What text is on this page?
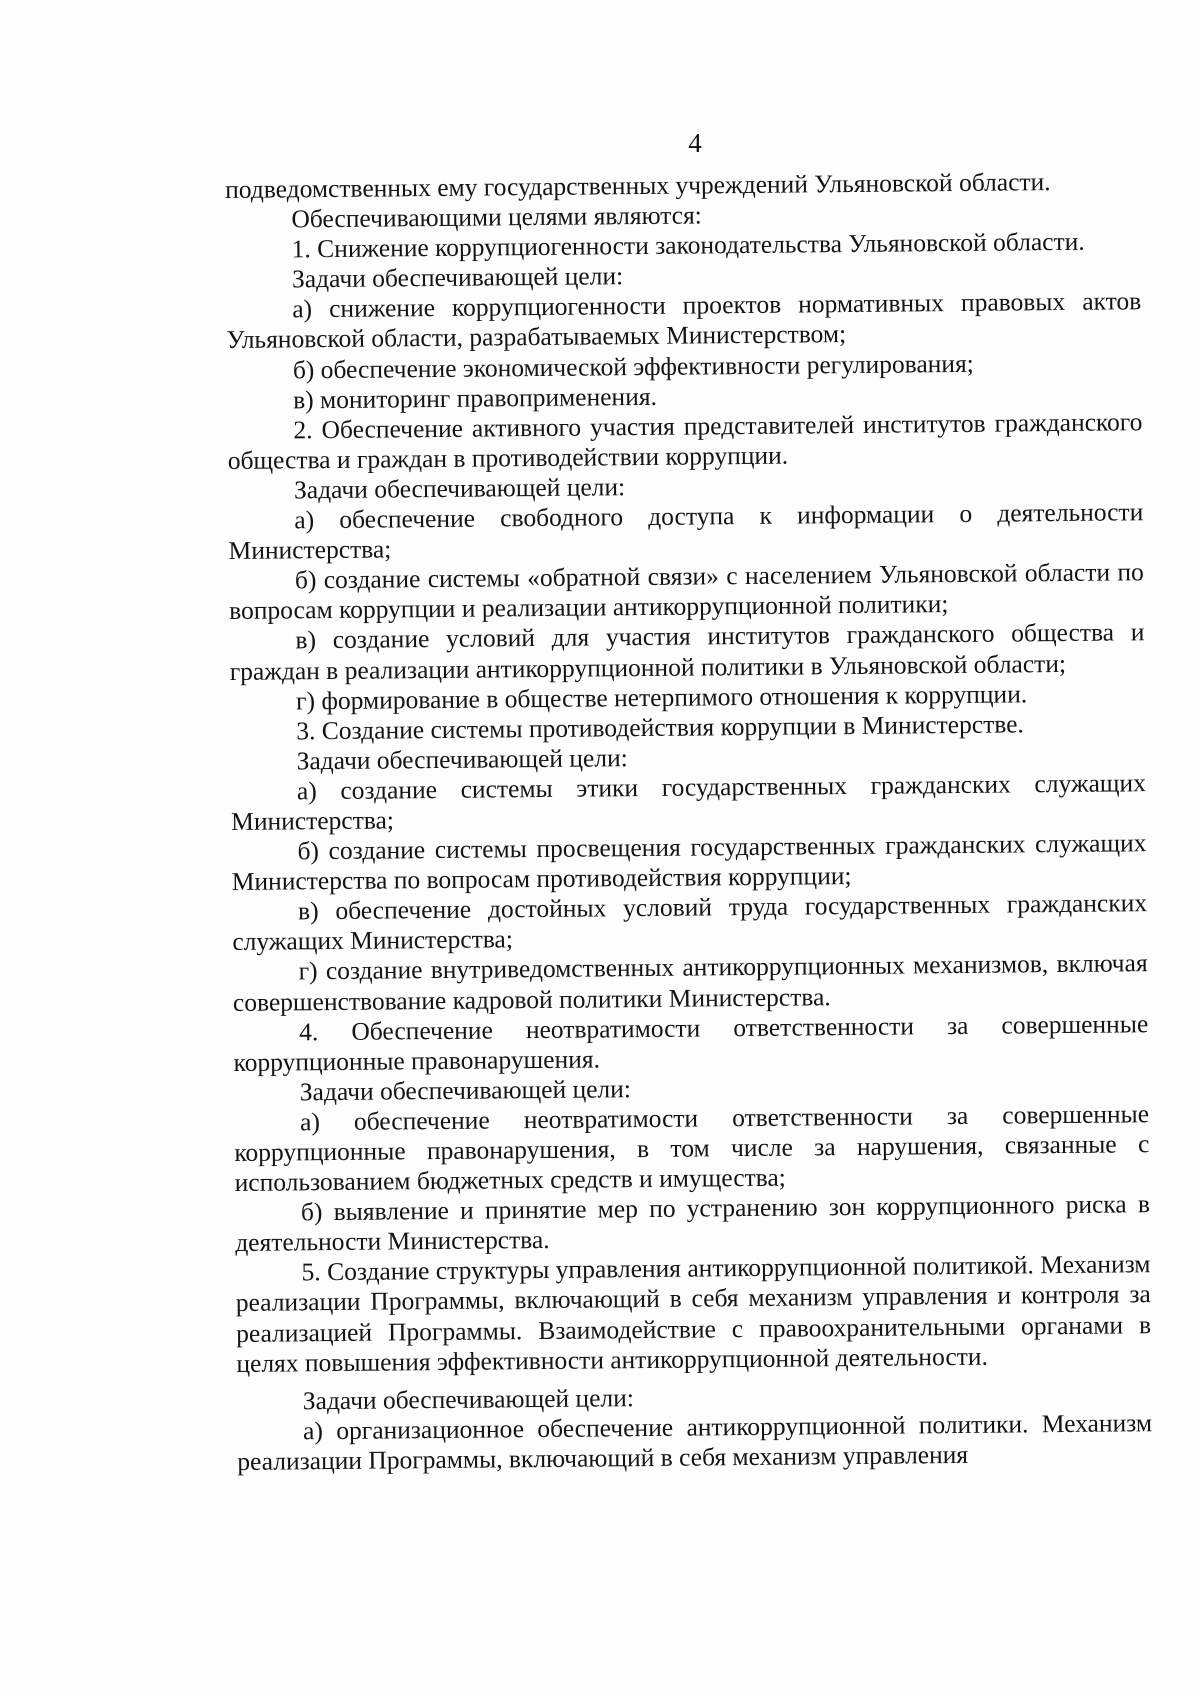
4

подведомственных ему государственных учреждений Ульяновской области.

Обеспечивающими целями являются:

1. Снижение коррупциогенности законодательства Ульяновской области.

Задачи обеспечивающей цели:

а) снижение коррупциогенности проектов нормативных правовых актов Ульяновской области, разрабатываемых Министерством;

б) обеспечение экономической эффективности регулирования;

в) мониторинг правоприменения.

2. Обеспечение активного участия представителей институтов гражданского общества и граждан в противодействии коррупции.

Задачи обеспечивающей цели:

а) обеспечение свободного доступа к информации о деятельности Министерства;

б) создание системы «обратной связи» с населением Ульяновской области по вопросам коррупции и реализации антикоррупционной политики;

в) создание условий для участия институтов гражданского общества и граждан в реализации антикоррупционной политики в Ульяновской области;

г) формирование в обществе нетерпимого отношения к коррупции.

3. Создание системы противодействия коррупции в Министерстве.

Задачи обеспечивающей цели:

а) создание системы этики государственных гражданских служащих Министерства;

б) создание системы просвещения государственных гражданских служащих Министерства по вопросам противодействия коррупции;

в) обеспечение достойных условий труда государственных гражданских служащих Министерства;

г) создание внутриведомственных антикоррупционных механизмов, включая совершенствование кадровой политики Министерства.

4. Обеспечение неотвратимости ответственности за совершенные коррупционные правонарушения.

Задачи обеспечивающей цели:

а) обеспечение неотвратимости ответственности за совершенные коррупционные правонарушения, в том числе за нарушения, связанные с использованием бюджетных средств и имущества;

б) выявление и принятие мер по устранению зон коррупционного риска в деятельности Министерства.

5. Создание структуры управления антикоррупционной политикой. Механизм реализации Программы, включающий в себя механизм управления и контроля за реализацией Программы. Взаимодействие с правоохранительными органами в целях повышения эффективности антикоррупционной деятельности.

Задачи обеспечивающей цели:

а) организационное обеспечение антикоррупционной политики. Механизм реализации Программы, включающий в себя механизм управления
